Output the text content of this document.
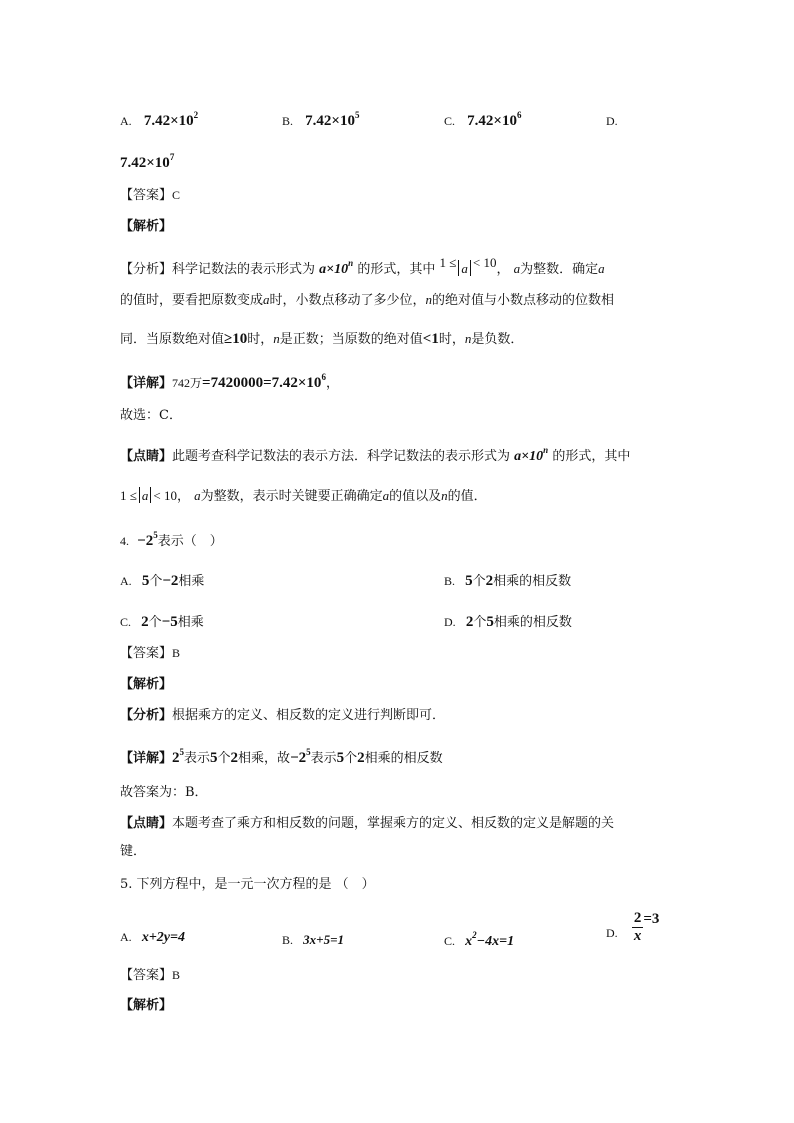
A. $7.42\times 10^2$	B. $7.42\times 10^5$	C. $7.42\times 10^6$	D.
$7.42\times 10^7$
【答案】C
【解析】
【分析】科学记数法的表示形式为 $a\times 10^n$ 的形式，其中 1 ≤ a < 10， a为整数．确定a
的值时，要看把原数变成a时，小数点移动了多少位，n的绝对值与小数点移动的位数相
同．当原数绝对值≥10时，n是正数；当原数的绝对值<1时，n是负数．
【详解】742万$=7420000=7.42\times 10^6$，
故选：C．
【点睛】此题考查科学记数法的表示方法．科学记数法的表示形式为 $a\times 10^n$ 的形式，其中
1 ≤ a < 10， a为整数，表示时关键要正确确定a的值以及n的值．
4. $-2^5$表示（　）
A. 5个−2相乘	B. 5个2相乘的相反数
C. 2个−5相乘	D. 2个5相乘的相反数
【答案】B
【解析】
【分析】根据乘方的定义、相反数的定义进行判断即可．
【详解】$2^5$表示5个2相乘，故$-2^5$表示5个2相乘的相反数
故答案为：B．
【点睛】本题考查了乘方和相反数的问题，掌握乘方的定义、相反数的定义是解题的关
键．
5. 下列方程中，是一元一次方程的是 （　）
A. x+2y=4	B. 3x+5=1	C. $x^2-4x=1$
D. $\frac{2}{x} =3$
【答案】B
【解析】
